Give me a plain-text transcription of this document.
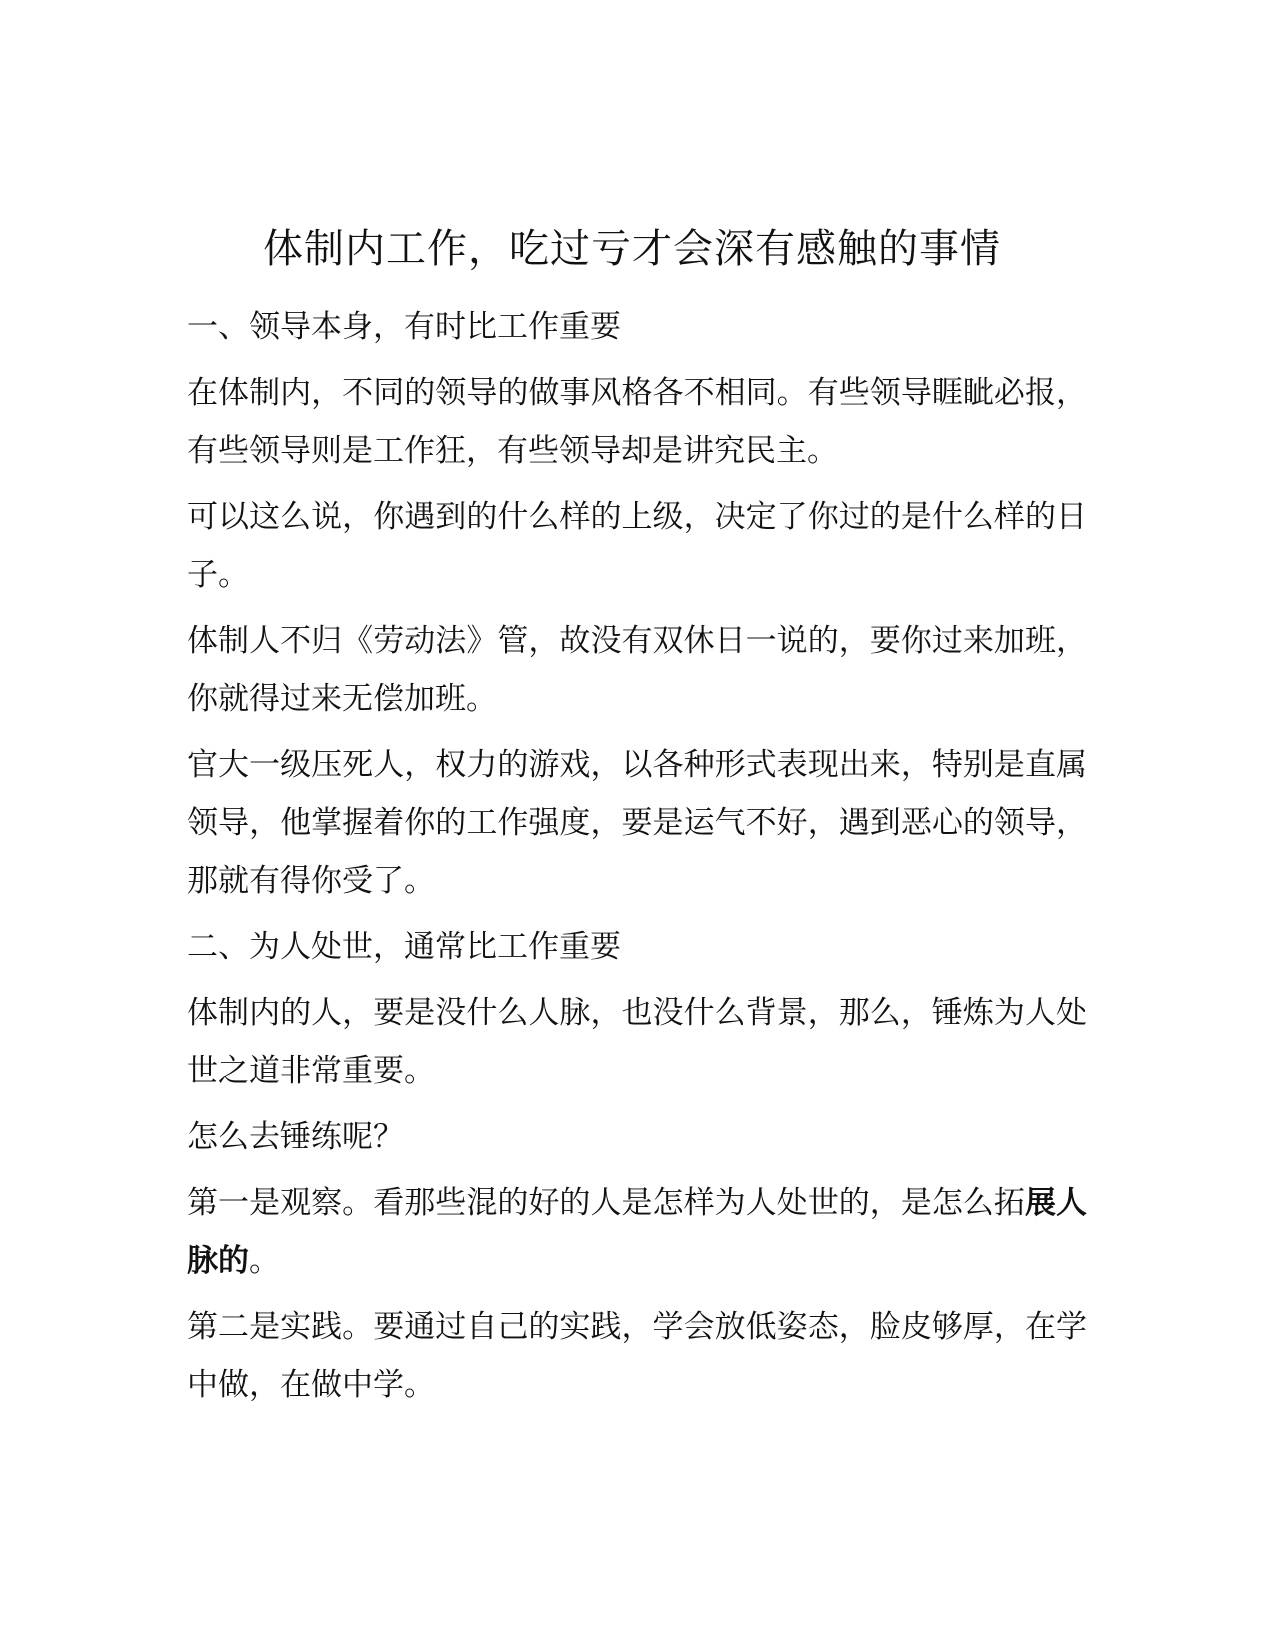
体制内工作，吃过亏才会深有感触的事情

一、领导本身，有时比工作重要

在体制内，不同的领导的做事风格各不相同。有些领导睚眦必报，有些领导则是工作狂，有些领导却是讲究民主。

可以这么说，你遇到的什么样的上级，决定了你过的是什么样的日子。

体制人不归《劳动法》管，故没有双休日一说的，要你过来加班，你就得过来无偿加班。

官大一级压死人，权力的游戏，以各种形式表现出来，特别是直属领导，他掌握着你的工作强度，要是运气不好，遇到恶心的领导，那就有得你受了。

二、为人处世，通常比工作重要

体制内的人，要是没什么人脉，也没什么背景，那么，锤炼为人处世之道非常重要。

怎么去锤练呢？

第一是观察。看那些混的好的人是怎样为人处世的，是怎么拓展人脉的。

第二是实践。要通过自己的实践，学会放低姿态，脸皮够厚，在学中做，在做中学。
